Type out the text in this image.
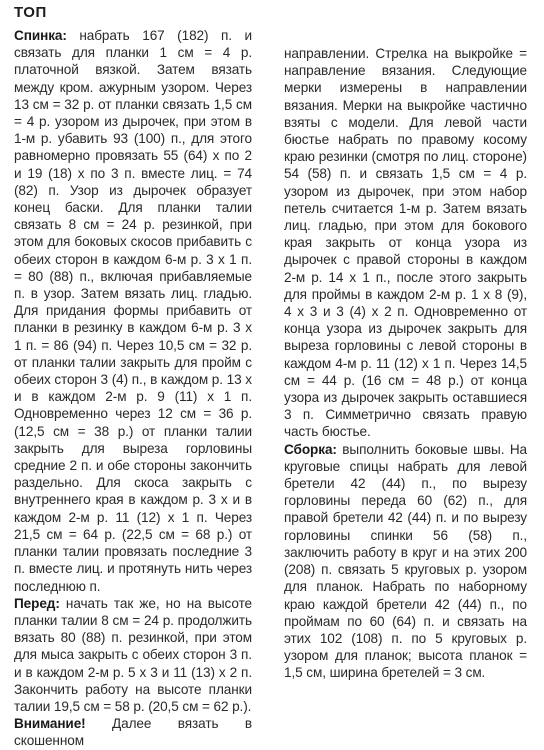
ТОП

Спинка: набрать 167 (182) п. и связать для планки 1 см = 4 р. платочной вязкой. Затем вязать между кром. ажурным узором. Через 13 см = 32 р. от планки связать 1,5 см = 4 р. узором из дырочек, при этом в 1-м р. убавить 93 (100) п., для этого равномерно провязать 55 (64) х по 2 и 19 (18) х по 3 п. вместе лиц. = 74 (82) п. Узор из дырочек образует конец баски. Для планки талии связать 8 см = 24 р. резинкой, при этом для боковых скосов прибавить с обеих сторон в каждом 6-м р. 3 х 1 п. = 80 (88) п., включая прибавляемые п. в узор. Затем вязать лиц. гладью. Для придания формы прибавить от планки в резинку в каждом 6-м р. 3 х 1 п. = 86 (94) п. Через 10,5 см = 32 р. от планки талии закрыть для пройм с обеих сторон 3 (4) п., в каждом р. 13 х и в каждом 2-м р. 9 (11) х 1 п. Одновременно через 12 см = 36 р. (12,5 см = 38 р.) от планки талии закрыть для выреза горловины средние 2 п. и обе стороны закончить раздельно. Для скоса закрыть с внутреннего края в каждом р. 3 х и в каждом 2-м р. 11 (12) х 1 п. Через 21,5 см = 64 р. (22,5 см = 68 р.) от планки талии провязать последние 3 п. вместе лиц. и протянуть нить через последнюю п.

Перед: начать так же, но на высоте планки талии 8 см = 24 р. продолжить вязать 80 (88) п. резинкой, при этом для мыса закрыть с обеих сторон 3 п. и в каждом 2-м р. 5 х 3 и 11 (13) х 2 п. Закончить работу на высоте планки талии 19,5 см = 58 р. (20,5 см = 62 р.).

Внимание! Далее вязать в скошенном

направлении. Стрелка на выкройке = направление вязания. Следующие мерки измерены в направлении вязания. Мерки на выкройке частично взяты с модели. Для левой части бюстье набрать по правому косому краю резинки (смотря по лиц. стороне) 54 (58) п. и связать 1,5 см = 4 р. узором из дырочек, при этом набор петель считается 1-м р. Затем вязать лиц. гладью, при этом для бокового края закрыть от конца узора из дырочек с правой стороны в каждом 2-м р. 14 х 1 п., после этого закрыть для проймы в каждом 2-м р. 1 х 8 (9), 4 х 3 и 3 (4) х 2 п. Одновременно от конца узора из дырочек закрыть для выреза горловины с левой стороны в каждом 4-м р. 11 (12) х 1 п. Через 14,5 см = 44 р. (16 см = 48 р.) от конца узора из дырочек закрыть оставшиеся 3 п. Симметрично связать правую часть бюстье.

Сборка: выполнить боковые швы. На круговые спицы набрать для левой бретели 42 (44) п., по вырезу горловины переда 60 (62) п., для правой бретели 42 (44) п. и по вырезу горловины спинки 56 (58) п., заключить работу в круг и на этих 200 (208) п. связать 5 круговых р. узором для планок. Набрать по наборному краю каждой бретели 42 (44) п., по проймам по 60 (64) п. и связать на этих 102 (108) п. по 5 круговых р. узором для планок; высота планок = 1,5 см, ширина бретелей = 3 см.
